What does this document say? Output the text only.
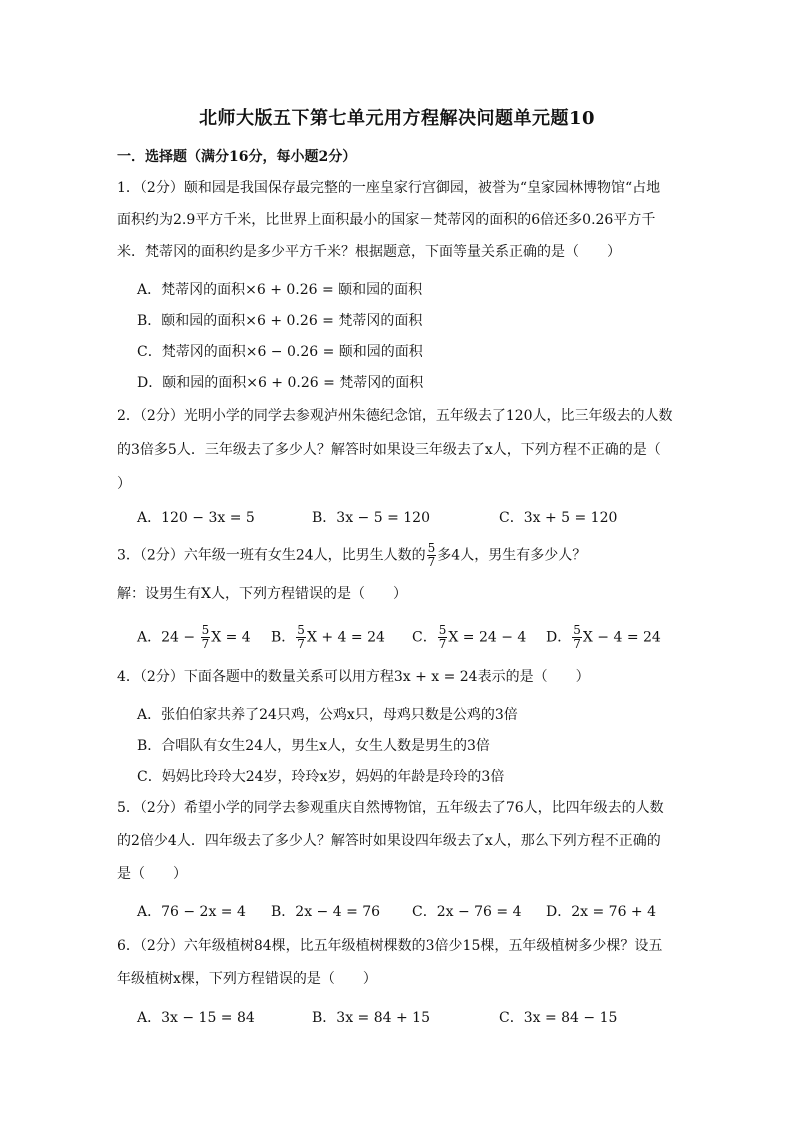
北师大版五下第七单元用方程解决问题单元题10
一．选择题（满分16分，每小题2分）
1．（2分）颐和园是我国保存最完整的一座皇家行宫御园，被誉为“皇家园林博物馆“占地
面积约为2.9平方千米，比世界上面积最小的国家－梵蒂冈的面积的6倍还多0.26平方千
米．梵蒂冈的面积约是多少平方千米？根据题意，下面等量关系正确的是（　　）
A．梵蒂冈的面积×6 + 0.26 = 颐和园的面积
B．颐和园的面积×6 + 0.26 = 梵蒂冈的面积
C．梵蒂冈的面积×6 − 0.26 = 颐和园的面积
D．颐和园的面积×6 + 0.26 = 梵蒂冈的面积
2．（2分）光明小学的同学去参观泸州朱德纪念馆，五年级去了120人，比三年级去的人数
的3倍多5人．三年级去了多少人？解答时如果设三年级去了x人，下列方程不正确的是（
）
A．120 − 3x = 5	B．3x − 5 = 120	C．3x + 5 = 120
3．（2分）六年级一班有女生24人，比男生人数的 $\frac{5}{7}$ 多4人，男生有多少人？
解：设男生有X人，下列方程错误的是（　　）
A．$24 - \frac{5}{7}$ X = 4 B． $\frac{5}{7}$ X + 4 = 24 C． $\frac{5}{7}$ X = 24 − 4 D． $\frac{5}{7}$ X − 4 = 24
4．（2分）下面各题中的数量关系可以用方程3x + x = 24表示的是（　　）
A．张伯伯家共养了24只鸡，公鸡x只，母鸡只数是公鸡的3倍
B．合唱队有女生24人，男生x人，女生人数是男生的3倍
C．妈妈比玲玲大24岁，玲玲x岁，妈妈的年龄是玲玲的3倍
5．（2分）希望小学的同学去参观重庆自然博物馆，五年级去了76人，比四年级去的人数
的2倍少4人．四年级去了多少人？解答时如果设四年级去了x人，那么下列方程不正确的
是（　　）
A．76 − 2x = 4 B．2x − 4 = 76 C．2x − 76 = 4 D．2x = 76 + 4
6．（2分）六年级植树84棵，比五年级植树棵数的3倍少15棵，五年级植树多少棵？设五
年级植树x棵，下列方程错误的是（　　）
A．3x − 15 = 84	B．3x = 84 + 15	C．3x = 84 − 15
